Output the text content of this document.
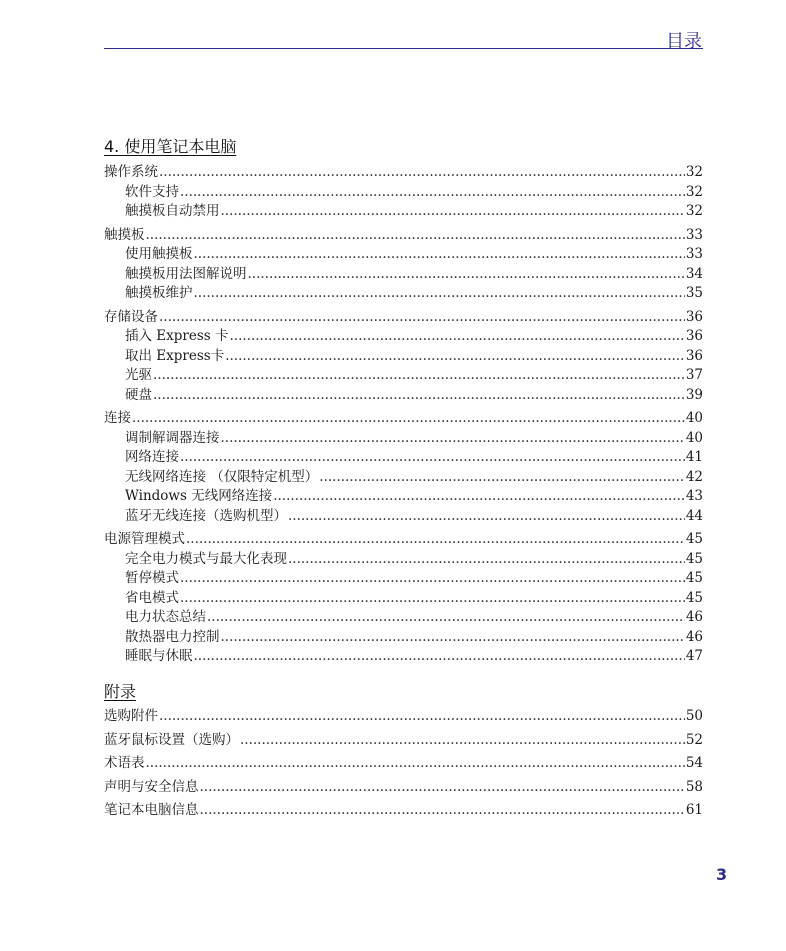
目录
4. 使用笔记本电脑
操作系统 .....	32
软件支持 .....	32
触摸板自动禁用 .....	32
触摸板 .....	33
使用触摸板 .....	33
触摸板用法图解说明 .....	34
触摸板维护 .....	35
存储设备 .....	36
插入 Express 卡 .....	36
取出 Express卡 .....	36
光驱 .....	37
硬盘 .....	39
连接 .....	40
调制解调器连接 .....	40
网络连接 .....	41
无线网络连接 （仅限特定机型） .....	42
Windows 无线网络连接 .....	43
蓝牙无线连接（选购机型） .....	44
电源管理模式 .....	45
完全电力模式与最大化表现 .....	45
暂停模式 .....	45
省电模式 .....	45
电力状态总结 .....	46
散热器电力控制 .....	46
睡眠与休眠 .....	47
附录
选购附件 .....	50
蓝牙鼠标设置（选购） .....	52
术语表 .....	54
声明与安全信息 .....	58
笔记本电脑信息 .....	61
3
